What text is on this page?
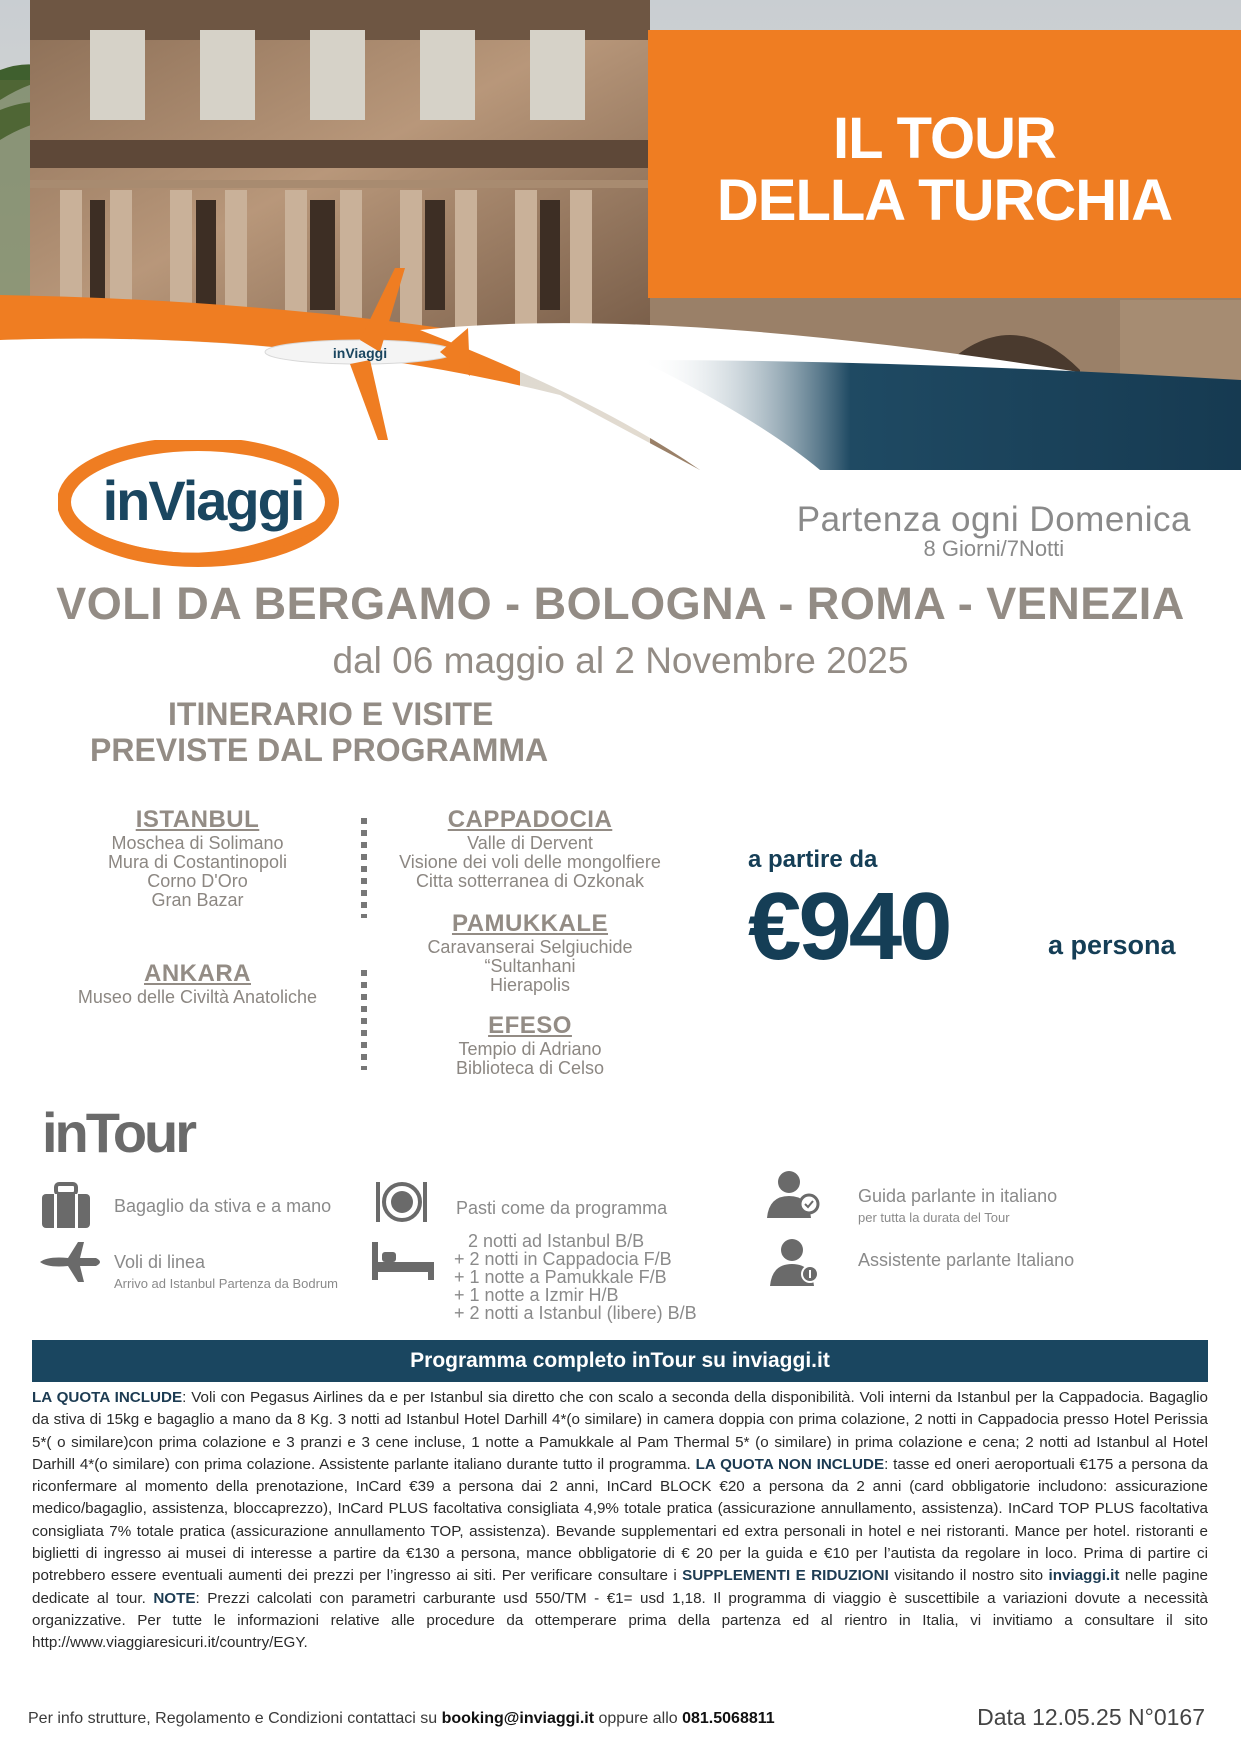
inViaggi
IL TOUR
DELLA TURCHIA
inViaggi	Partenza ogni Domenica
8 Giorni/7Notti
VOLI DA BERGAMO - BOLOGNA - ROMA - VENEZIA
dal 06 maggio al 2 Novembre 2025
ITINERARIO E VISITE
PREVISTE DAL PROGRAMMA
ISTANBUL
Moschea di Solimano
Mura di Costantinopoli
Corno D'Oro
Gran Bazar
ANKARA
Museo delle Civiltà Anatoliche
CAPPADOCIA
Valle di Dervent
Visione dei voli delle mongolfiere
Citta sotterranea di Ozkonak
PAMUKKALE
Caravanserai Selgiuchide
“Sultanhani
Hierapolis
EFESO
Tempio di Adriano
Biblioteca di Celso
a partire da
€940	a persona
inTour
Bagaglio da stiva e a mano
Voli di linea
Arrivo ad Istanbul Partenza da Bodrum
Pasti come da programma
2 notti ad Istanbul B/B
+ 2 notti in Cappadocia F/B
+ 1 notte a Pamukkale F/B
+ 1 notte a Izmir H/B
+ 2 notti a Istanbul (libere) B/B
Guida parlante in italiano
per tutta la durata del Tour
Assistente parlante Italiano
Programma completo inTour su inviaggi.it
LA QUOTA INCLUDE: Voli con Pegasus Airlines da e per Istanbul sia diretto che con scalo a seconda della disponibilità. Voli interni da Istanbul per la Cappadocia. Bagaglio da stiva di 15kg e bagaglio a mano da 8 Kg. 3 notti ad Istanbul Hotel Darhill 4*(o similare) in camera doppia con prima colazione, 2 notti in Cappadocia presso Hotel Perissia 5*( o similare)con prima colazione e 3 pranzi e 3 cene incluse, 1 notte a Pamukkale al Pam Thermal 5* (o similare) in prima colazione e cena; 2 notti ad Istanbul al Hotel Darhill 4*(o similare) con prima colazione. Assistente parlante italiano durante tutto il programma. LA QUOTA NON INCLUDE: tasse ed oneri aeroportuali €175 a persona da riconfermare al momento della prenotazione, InCard €39 a persona dai 2 anni, InCard BLOCK €20 a persona da 2 anni (card obbligatorie includono: assicurazione medico/bagaglio, assistenza, bloccaprezzo), InCard PLUS facoltativa consigliata 4,9% totale pratica (assicurazione annullamento, assistenza). InCard TOP PLUS facoltativa consigliata 7% totale pratica (assicurazione annullamento TOP, assistenza). Bevande supplementari ed extra personali in hotel e nei ristoranti. Mance per hotel. ristoranti e biglietti di ingresso ai musei di interesse a partire da €130 a persona, mance obbligatorie di € 20 per la guida e €10 per l’autista da regolare in loco. Prima di partire ci potrebbero essere eventuali aumenti dei prezzi per l’ingresso ai siti. Per verificare consultare i SUPPLEMENTI E RIDUZIONI visitando il nostro sito inviaggi.it nelle pagine dedicate al tour. NOTE: Prezzi calcolati con parametri carburante usd 550/TM - €1= usd 1,18. Il programma di viaggio è suscettibile a variazioni dovute a necessità organizzative. Per tutte le informazioni relative alle procedure da ottemperare prima della partenza ed al rientro in Italia, vi invitiamo a consultare il sito http://www.viaggiaresicuri.it/country/EGY.
Per info strutture, Regolamento e Condizioni contattaci su booking@inviaggi.it oppure allo 081.5068811	Data 12.05.25 N°0167
